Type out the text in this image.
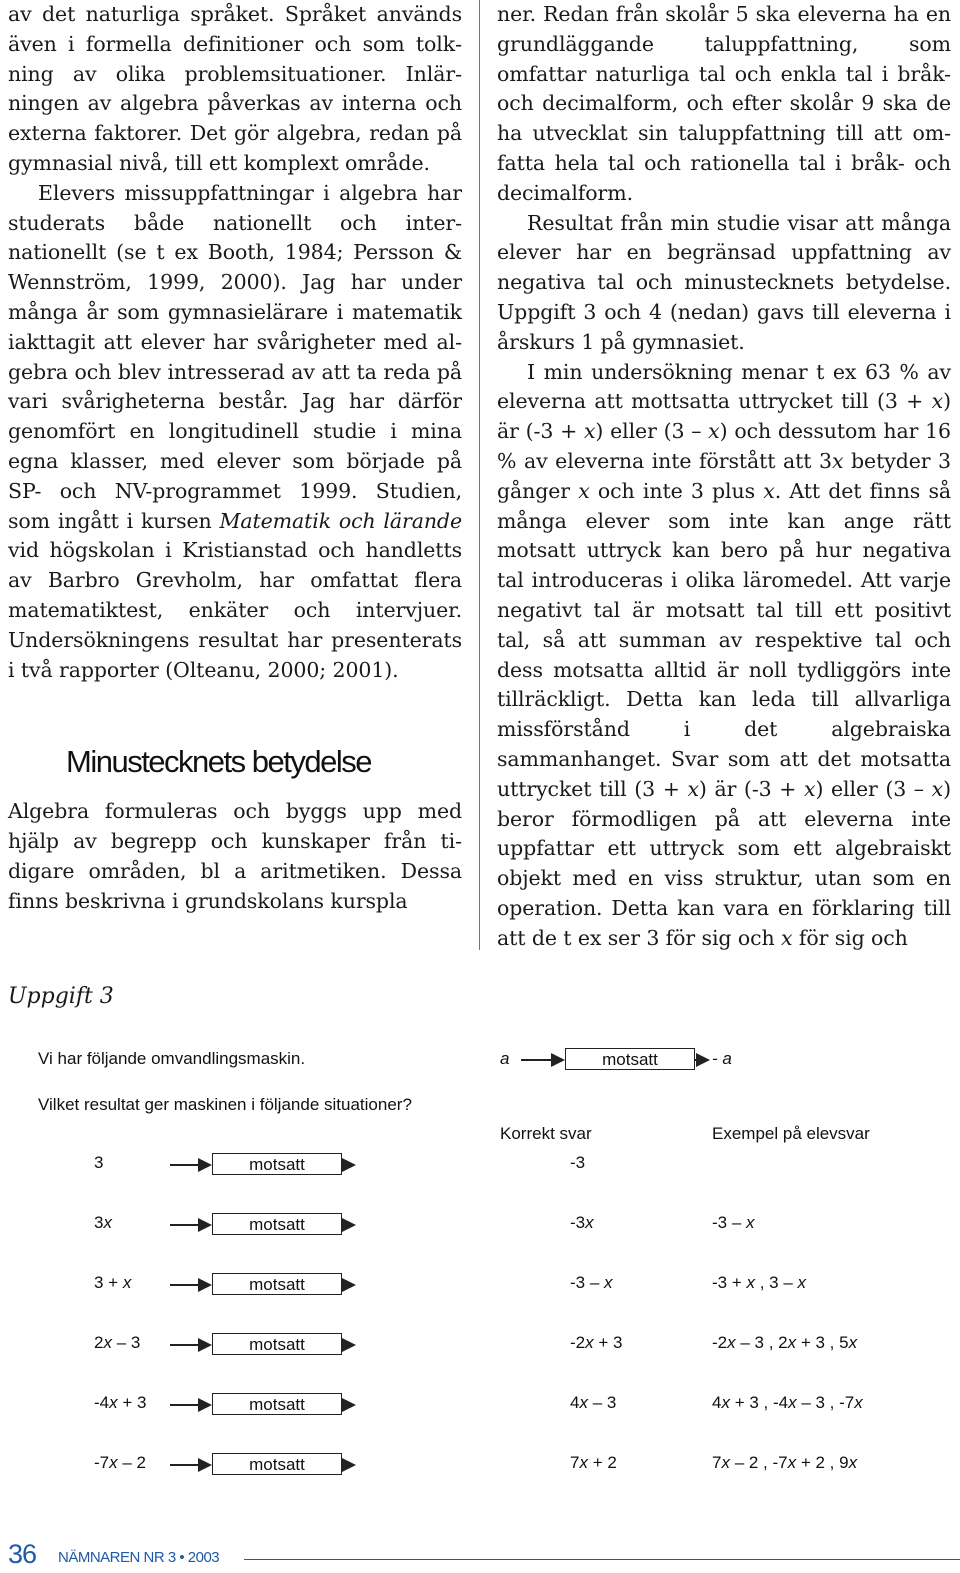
av det naturliga språket. Språket används även i formella definitioner och som tolkning av olika problemsituationer. Inlärningen av algebra påverkas av interna och externa faktorer. Det gör algebra, redan på gymnasial nivå, till ett komplext område.

Elevers missuppfattningar i algebra har studerats både nationellt och internationellt (se t ex Booth, 1984; Persson & Wennström, 1999, 2000). Jag har under många år som gymnasielärare i matematik iakttagit att elever har svårigheter med algebra och blev intresserad av att ta reda på vari svårigheterna består. Jag har därför genomfört en longitudinell studie i mina egna klasser, med elever som började på SP- och NV-programmet 1999. Studien, som ingått i kursen Matematik och lärande vid högskolan i Kristianstad och handletts av Barbro Grevholm, har omfattat flera matematiktest, enkäter och intervjuer. Undersökningens resultat har presenterats i två rapporter (Olteanu, 2000; 2001).

Minustecknets betydelse

Algebra formuleras och byggs upp med hjälp av begrepp och kunskaper från tidigare områden, bl a aritmetiken. Dessa finns beskrivna i grundskolans kurspla

ner. Redan från skolår 5 ska eleverna ha en grundläggande taluppfattning, som omfattar naturliga tal och enkla tal i bråk- och decimalform, och efter skolår 9 ska de ha utvecklat sin taluppfattning till att omfatta hela tal och rationella tal i bråk- och decimalform.

Resultat från min studie visar att många elever har en begränsad uppfattning av negativa tal och minustecknets betydelse. Uppgift 3 och 4 (nedan) gavs till eleverna i årskurs 1 på gymnasiet.

I min undersökning menar t ex 63 % av eleverna att mottsatta uttrycket till (3 + x) är (-3 + x) eller (3 – x) och dessutom har 16 % av eleverna inte förstått att 3x betyder 3 gånger x och inte 3 plus x. Att det finns så många elever som inte kan ange rätt motsatt uttryck kan bero på hur negativa tal introduceras i olika läromedel. Att varje negativt tal är motsatt tal till ett positivt tal, så att summan av respektive tal och dess motsatta alltid är noll tydliggörs inte tillräckligt. Detta kan leda till allvarliga missförstånd i det algebraiska sammanhanget. Svar som att det motsatta uttrycket till (3 + x) är (-3 + x) eller (3 – x) beror förmodligen på att eleverna inte uppfattar ett uttryck som ett algebraiskt objekt med en viss struktur, utan som en operation. Detta kan vara en förklaring till att de t ex ser 3 för sig och x för sig och

Uppgift 3
Vi har följande omvandlingsmaskin.	a	motsatt	- a
Vilket resultat ger maskinen i följande situationer?
Korrekt svar	Exempel på elevsvar
3	motsatt	-3
3x	motsatt	-3x	-3 – x
3 + x	motsatt	-3 – x	-3 + x , 3 – x
2x – 3	motsatt	-2x + 3	-2x – 3 , 2x + 3 , 5x
-4x + 3	motsatt	4x – 3	4x + 3 , -4x – 3 , -7x
-7x – 2	motsatt	7x + 2	7x – 2 , -7x + 2 , 9x
36 NÄMNAREN NR 3 • 2003
